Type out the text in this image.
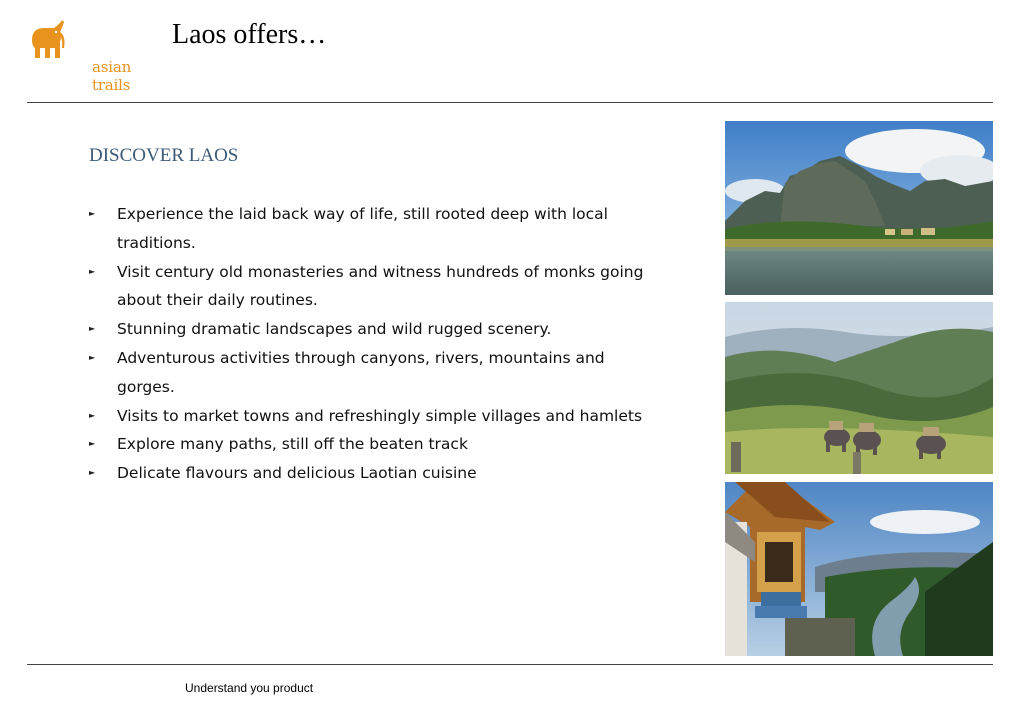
asian trails
Laos offers…
DISCOVER LAOS
► Experience the laid back way of life, still rooted deep with local
traditions.
► Visit century old monasteries and witness hundreds of monks going
about their daily routines.
► Stunning dramatic landscapes and wild rugged scenery.
► Adventurous activities through canyons, rivers, mountains and
gorges.
► Visits to market towns and refreshingly simple villages and hamlets
► Explore many paths, still off the beaten track
► Delicate flavours and delicious Laotian cuisine
Understand you product
